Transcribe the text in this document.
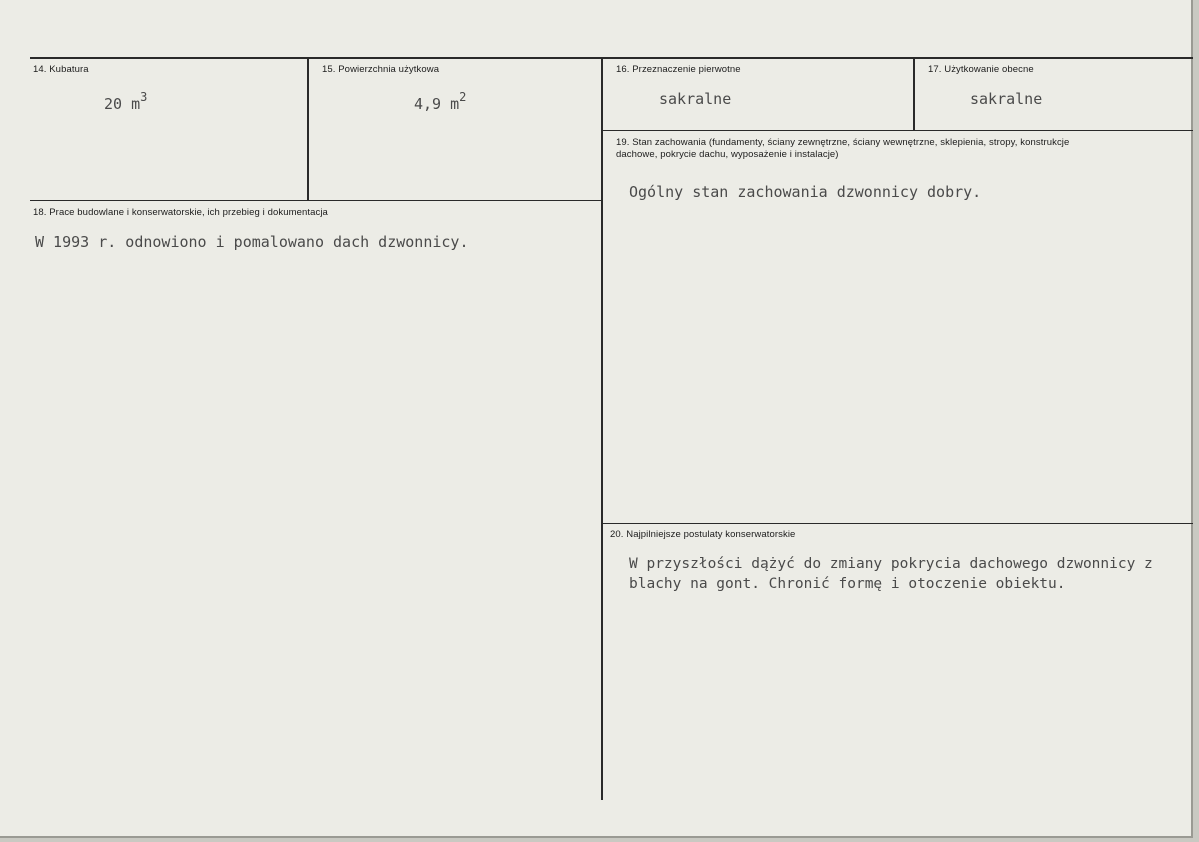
14. Kubatura
20 $m^3$
15. Powierzchnia użytkowa
4,9 $m^2$
16. Przeznaczenie pierwotne
sakralne
17. Użytkowanie obecne
sakralne
19. Stan zachowania (fundamenty, ściany zewnętrzne, ściany wewnętrzne, sklepienia, stropy, konstrukcje dachowe, pokrycie dachu, wyposażenie i instalacje)
Ogólny stan zachowania dzwonnicy dobry.
18. Prace budowlane i konserwatorskie, ich przebieg i dokumentacja
W 1993 r. odnowiono i pomalowano dach dzwonnicy.
20. Najpilniejsze postulaty konserwatorskie
W przyszłości dążyć do zmiany pokrycia dachowego dzwonnicy z blachy na gont. Chronić formę i otoczenie obiektu.
